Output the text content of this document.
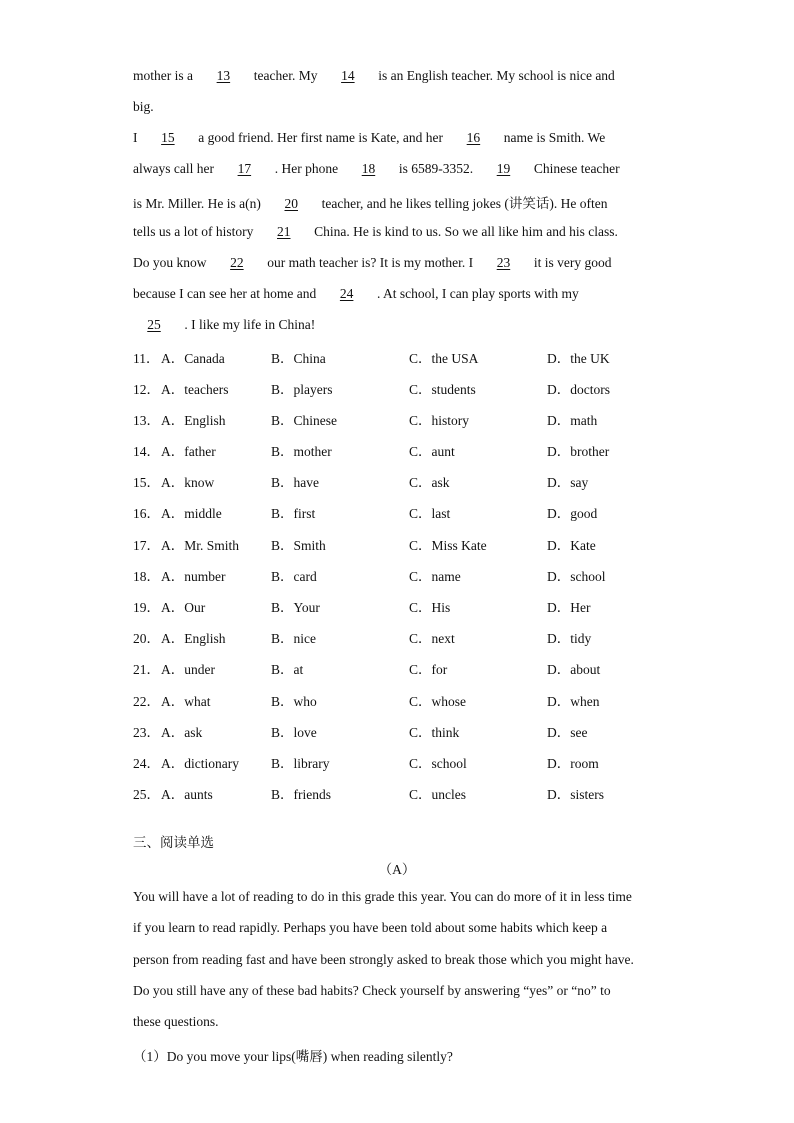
mother is a 13 teacher. My 14 is an English teacher. My school is nice and
big.
I 15 a good friend. Her first name is Kate, and her 16 name is Smith. We
always call her 17 . Her phone 18 is 6589-3352. 19 Chinese teacher
is Mr. Miller. He is a(n) 20 teacher, and he likes telling jokes (讲笑话). He often
tells us a lot of history 21 China. He is kind to us. So we all like him and his class.
Do you know 22 our math teacher is? It is my mother. I 23 it is very good
because I can see her at home and 24 . At school, I can play sports with my
25 . I like my life in China!
11． A．Canada	B．China	C．the USA	D．the UK
12．A．teachers	B．players	C．students	D．doctors
13．A．English	B．Chinese	C．history	D．math
14．A．father	B．mother	C．aunt	D．brother
15．A．know	B．have	C．ask	D．say
16．A．middle	B．first	C．last	D．good
17．A．Mr. Smith B．Smith	C．Miss Kate	D．Kate
18．A．number	B．card	C．name	D．school
19．A．Our	B．Your	C．His	D．Her
20．A．English	B．nice	C．next	D．tidy
21．A．under	B．at	C．for	D．about
22．A．what	B．who	C．whose	D．when
23．A．ask	B．love	C．think	D．see
24．A．dictionary B．library	C．school	D．room
25．A．aunts	B．friends	C．uncles	D．sisters
三、阅读单选
（A）
You will have a lot of reading to do in this grade this year. You can do more of it in less time
if you learn to read rapidly. Perhaps you have been told about some habits which keep a
person from reading fast and have been strongly asked to break those which you might have.
Do you still have any of these bad habits? Check yourself by answering “yes” or “no” to
these questions.
（1）Do you move your lips(嘴唇) when reading silently?
